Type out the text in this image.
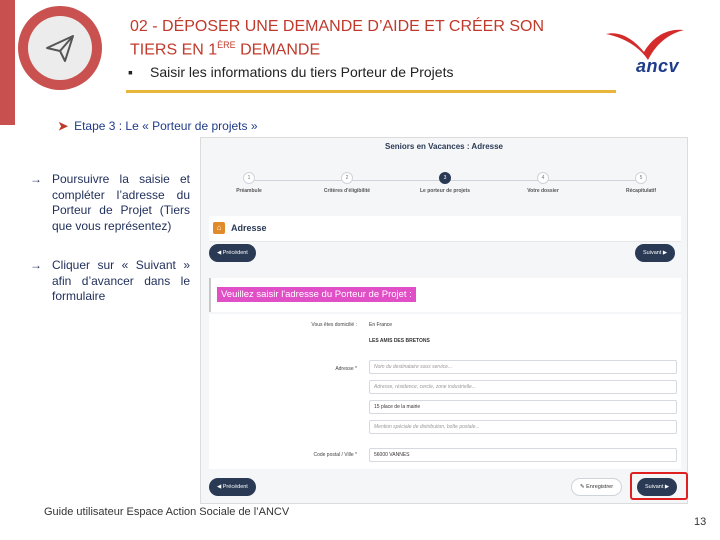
02 - DÉPOSER UNE DEMANDE D’AIDE ET CRÉER SON
TIERS EN 1ÈRE DEMANDE
▪ Saisir les informations du tiers Porteur de Projets	ancv
➤ Etape 3 : Le « Porteur de projets »
→ Poursuivre la saisie et compléter l’adresse du Porteur de Projet (Tiers que vous représentez)
→ Cliquer sur « Suivant » afin d’avancer dans le formulaire
Seniors en Vacances : Adresse
1
Préambule
2
Critères d'éligibilité
3
Le porteur de projets
4
Votre dossier
5
Récapitulatif
⌂	Adresse
◀ Précédent	Suivant ▶
Veuillez saisir l'adresse du Porteur de Projet :
Vous êtes domicilié : En France
LES AMIS DES BRETONS
Adresse *	Nom du destinataire sous service...
Adresse, résidence, cercle, zone industrielle...
15 place de la mairie
Mention spéciale de distribution, boîte postale...
Code postal / Ville *	56000 VANNES
◀ Précédent	✎ Enregistrer	Suivant ▶
Guide utilisateur Espace Action Sociale de l’ANCV
13
